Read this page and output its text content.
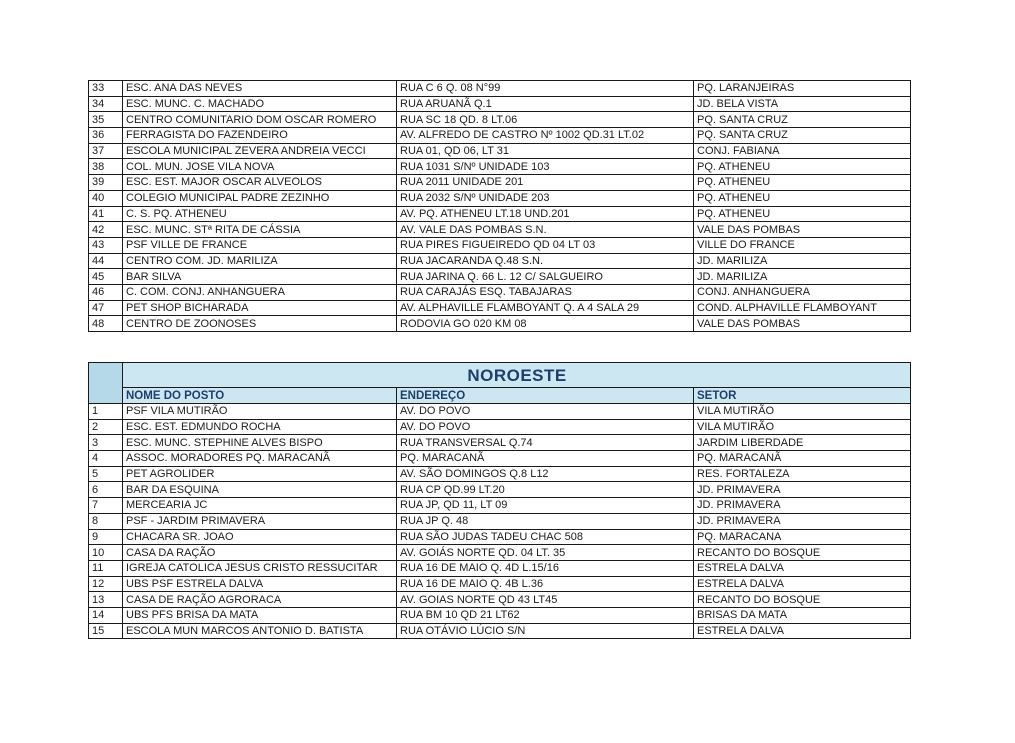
33	ESC. ANA DAS NEVES	RUA C 6 Q. 08 N°99	PQ. LARANJEIRAS
34	ESC. MUNC. C. MACHADO	RUA ARUANÃ Q.1	JD. BELA VISTA
35	CENTRO COMUNITARIO DOM OSCAR ROMERO	RUA SC 18 QD. 8 LT.06	PQ. SANTA CRUZ
36	FERRAGISTA DO FAZENDEIRO	AV. ALFREDO DE CASTRO Nº 1002 QD.31 LT.02	PQ. SANTA CRUZ
37	ESCOLA MUNICIPAL ZEVERA ANDREIA VECCI	RUA 01, QD 06, LT 31	CONJ. FABIANA
38	COL. MUN. JOSE VILA NOVA	RUA 1031 S/Nº UNIDADE 103	PQ. ATHENEU
39	ESC. EST. MAJOR OSCAR ALVEOLOS	RUA 2011 UNIDADE 201	PQ. ATHENEU
40	COLEGIO MUNICIPAL PADRE ZEZINHO	RUA 2032 S/Nº UNIDADE 203	PQ. ATHENEU
41	C. S. PQ. ATHENEU	AV. PQ. ATHENEU LT.18 UND.201	PQ. ATHENEU
42	ESC. MUNC. STª RITA DE CÁSSIA	AV. VALE DAS POMBAS S.N.	VALE DAS POMBAS
43	PSF VILLE DE FRANCE	RUA PIRES FIGUEIREDO QD 04 LT 03	VILLE DO FRANCE
44	CENTRO COM. JD. MARILIZA	RUA JACARANDA Q.48 S.N.	JD. MARILIZA
45	BAR SILVA	RUA JARINA Q. 66 L. 12 C/ SALGUEIRO	JD. MARILIZA
46	C. COM. CONJ. ANHANGUERA	RUA CARAJÁS ESQ. TABAJARAS	CONJ. ANHANGUERA
47	PET SHOP BICHARADA	AV. ALPHAVILLE FLAMBOYANT Q. A 4 SALA 29	COND. ALPHAVILLE FLAMBOYANT
48	CENTRO DE ZOONOSES	RODOVIA GO 020 KM 08	VALE DAS POMBAS
	NOROESTE		
	NOME DO POSTO	ENDEREÇO	SETOR
1	PSF VILA MUTIRÃO	AV. DO POVO	VILA MUTIRÃO
2	ESC. EST. EDMUNDO ROCHA	AV. DO POVO	VILA MUTIRÃO
3	ESC. MUNC. STEPHINE ALVES BISPO	RUA TRANSVERSAL Q.74	JARDIM LIBERDADE
4	ASSOC. MORADORES PQ. MARACANÃ	PQ. MARACANÃ	PQ. MARACANÃ
5	PET AGROLIDER	AV. SÃO DOMINGOS Q.8 L12	RES. FORTALEZA
6	BAR DA ESQUINA	RUA CP QD.99 LT.20	JD. PRIMAVERA
7	MERCEARIA JC	RUA JP, QD 11, LT 09	JD. PRIMAVERA
8	PSF - JARDIM PRIMAVERA	RUA JP Q. 48	JD. PRIMAVERA
9	CHACARA SR. JOAO	RUA SÃO JUDAS TADEU CHAC 508	PQ. MARACANA
10	CASA DA RAÇÃO	AV. GOIÁS NORTE QD. 04 LT. 35	RECANTO DO BOSQUE
11	IGREJA CATOLICA JESUS CRISTO RESSUCITAR	RUA 16 DE MAIO Q. 4D L.15/16	ESTRELA DALVA
12	UBS PSF ESTRELA DALVA	RUA 16 DE MAIO Q. 4B L.36	ESTRELA DALVA
13	CASA DE RAÇÃO AGRORACA	AV. GOIAS NORTE QD 43 LT45	RECANTO DO BOSQUE
14	UBS PFS BRISA DA MATA	RUA BM 10 QD 21 LT62	BRISAS DA MATA
15	ESCOLA MUN MARCOS ANTONIO D. BATISTA	RUA OTÁVIO LÚCIO S/N	ESTRELA DALVA
